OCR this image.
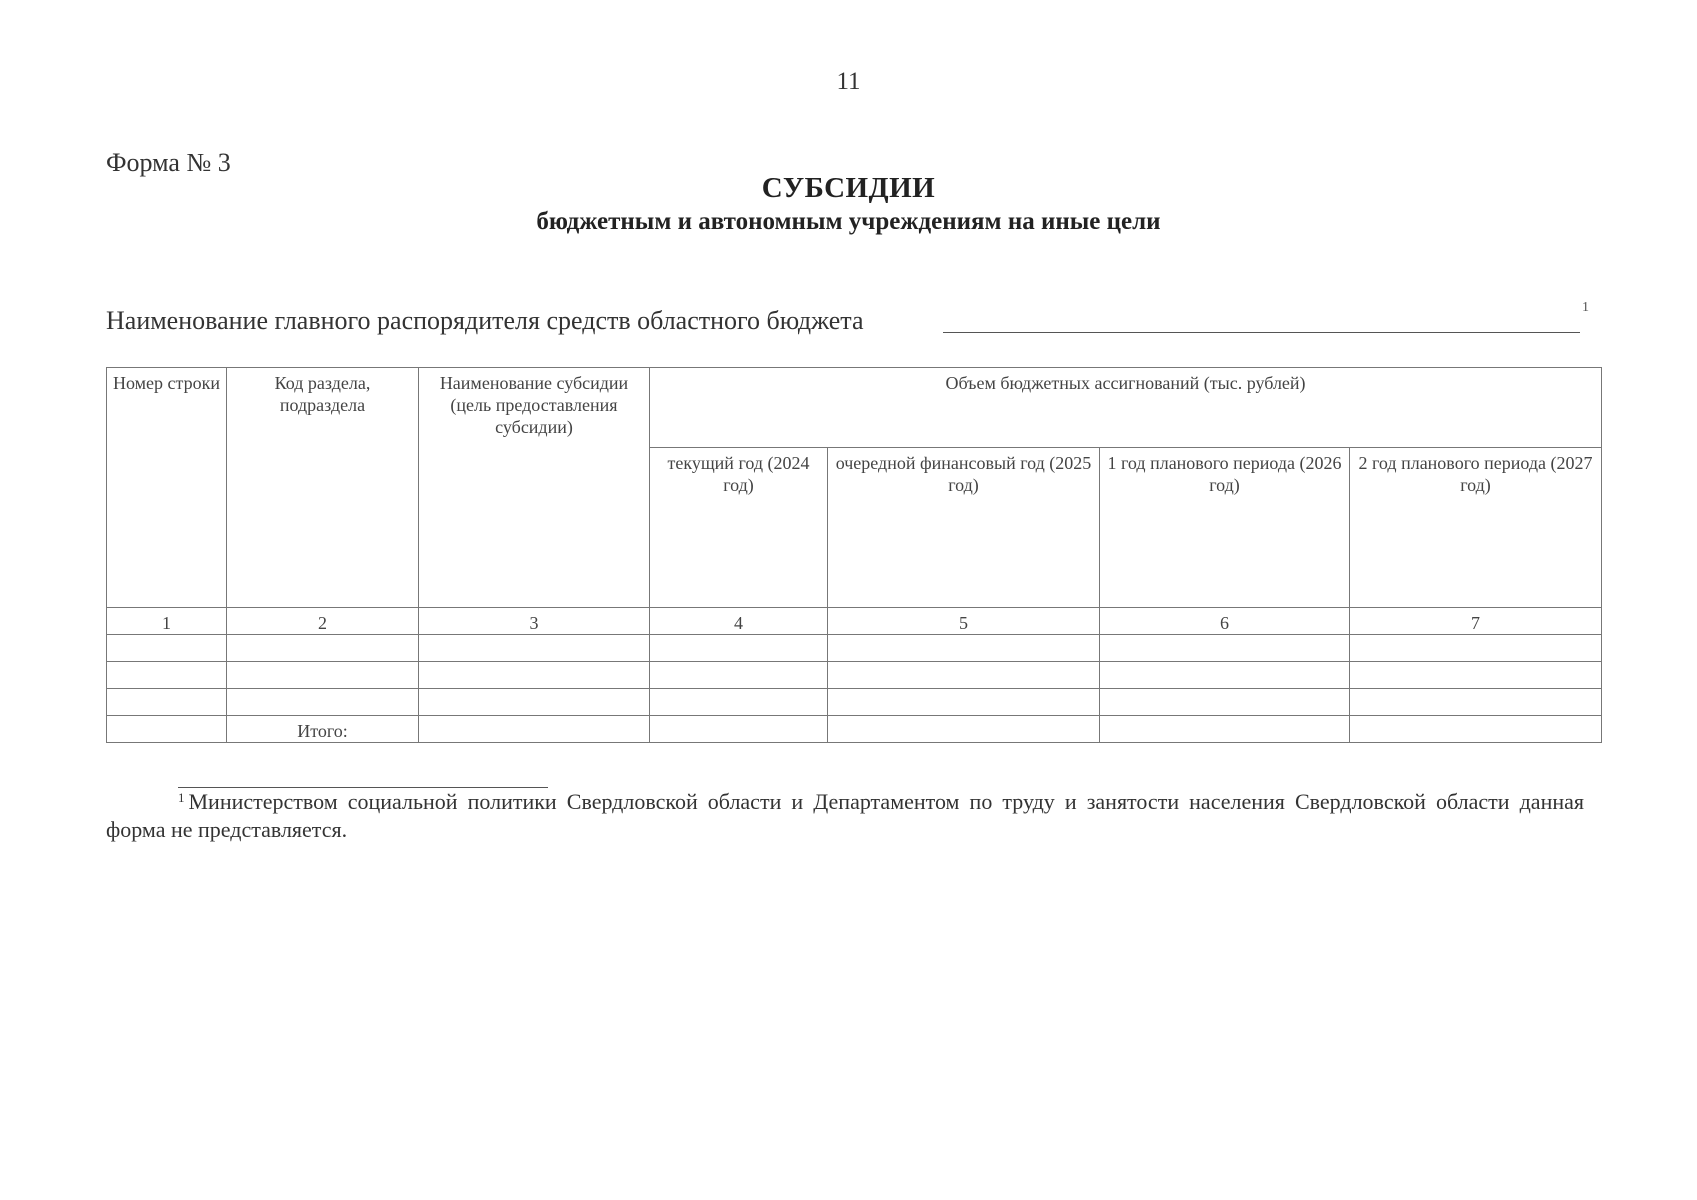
11
Форма № 3
СУБСИДИИ
бюджетным и автономным учреждениям на иные цели
Наименование главного распорядителя средств областного бюджета	1
Номер строки	Код раздела, подраздела	Наименование субсидии (цель предоставления субсидии)	Объем бюджетных ассигнований (тыс. рублей)			
			текущий год (2024 год)	очередной финансовый год (2025 год)	1 год планового периода (2026 год)	2 год планового периода (2027 год)
1	2	3	4	5	6	7

	Итого:					
$^1$ Министерством социальной политики Свердловской области и Департаментом по труду и занятости населения Свердловской области данная форма не представляется.
